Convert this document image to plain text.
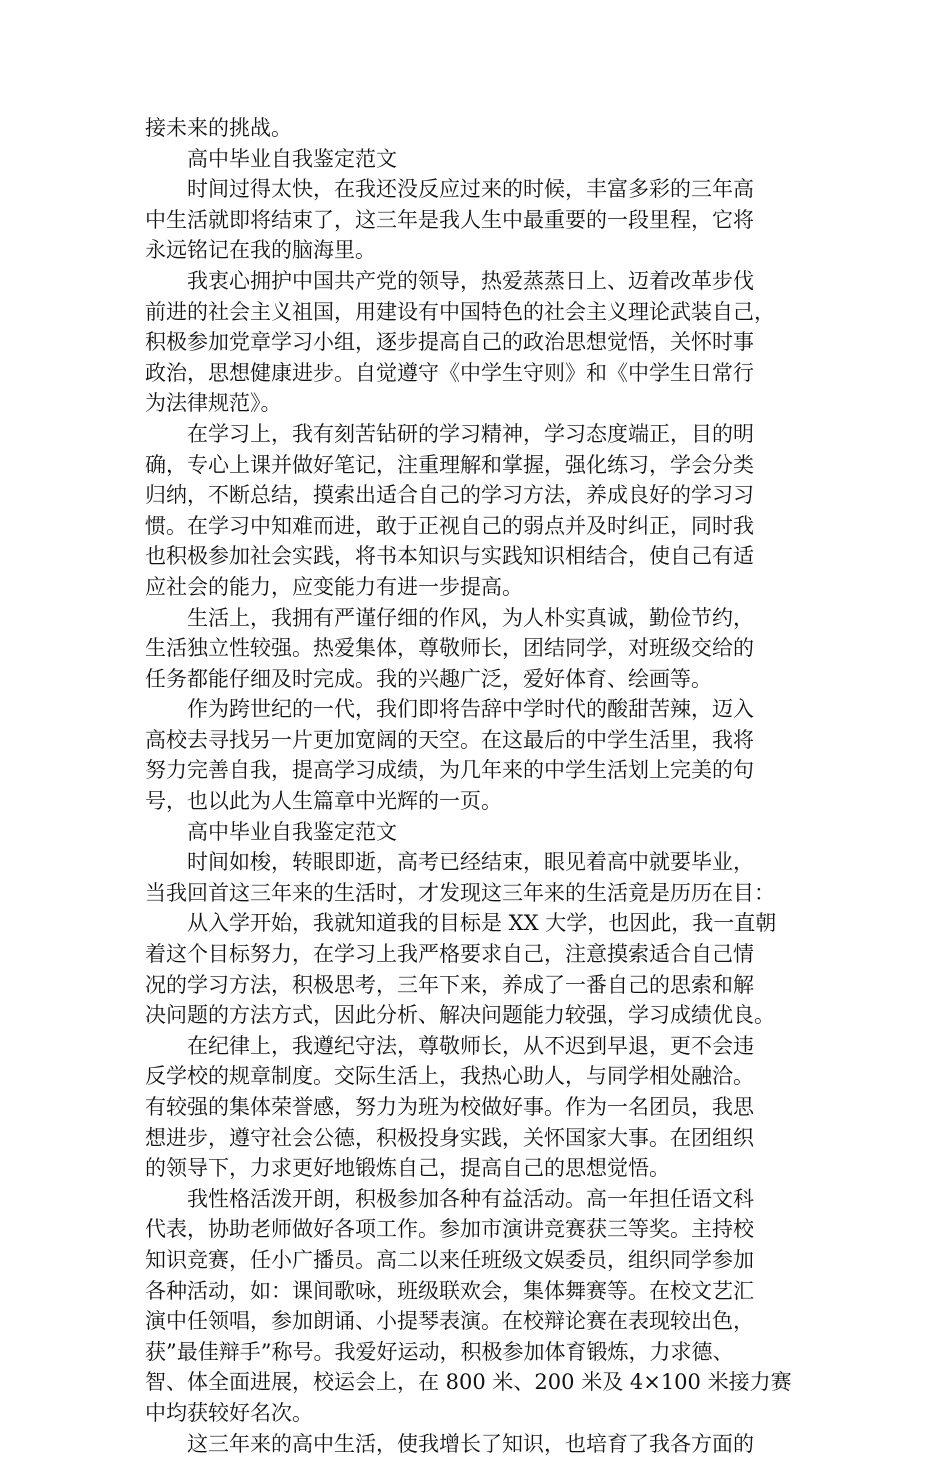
接未来的挑战。
高中毕业自我鉴定范文
时间过得太快，在我还没反应过来的时候，丰富多彩的三年高
中生活就即将结束了，这三年是我人生中最重要的一段里程，它将
永远铭记在我的脑海里。
我衷心拥护中国共产党的领导，热爱蒸蒸日上、迈着改革步伐
前进的社会主义祖国，用建设有中国特色的社会主义理论武装自己，
积极参加党章学习小组，逐步提高自己的政治思想觉悟，关怀时事
政治，思想健康进步。自觉遵守《中学生守则》和《中学生日常行
为法律规范》。
在学习上，我有刻苦钻研的学习精神，学习态度端正，目的明
确，专心上课并做好笔记，注重理解和掌握，强化练习，学会分类
归纳，不断总结，摸索出适合自己的学习方法，养成良好的学习习
惯。在学习中知难而进，敢于正视自己的弱点并及时纠正，同时我
也积极参加社会实践，将书本知识与实践知识相结合，使自己有适
应社会的能力，应变能力有进一步提高。
生活上，我拥有严谨仔细的作风，为人朴实真诚，勤俭节约，
生活独立性较强。热爱集体，尊敬师长，团结同学，对班级交给的
任务都能仔细及时完成。我的兴趣广泛，爱好体育、绘画等。
作为跨世纪的一代，我们即将告辞中学时代的酸甜苦辣，迈入
高校去寻找另一片更加宽阔的天空。在这最后的中学生活里，我将
努力完善自我，提高学习成绩，为几年来的中学生活划上完美的句
号，也以此为人生篇章中光辉的一页。
高中毕业自我鉴定范文
时间如梭，转眼即逝，高考已经结束，眼见着高中就要毕业，
当我回首这三年来的生活时，才发现这三年来的生活竟是历历在目：
从入学开始，我就知道我的目标是 XX 大学，也因此，我一直朝
着这个目标努力，在学习上我严格要求自己，注意摸索适合自己情
况的学习方法，积极思考，三年下来，养成了一番自己的思索和解
决问题的方法方式，因此分析、解决问题能力较强，学习成绩优良。
在纪律上，我遵纪守法，尊敬师长，从不迟到早退，更不会违
反学校的规章制度。交际生活上，我热心助人，与同学相处融洽。
有较强的集体荣誉感，努力为班为校做好事。作为一名团员，我思
想进步，遵守社会公德，积极投身实践，关怀国家大事。在团组织
的领导下，力求更好地锻炼自己，提高自己的思想觉悟。
我性格活泼开朗，积极参加各种有益活动。高一年担任语文科
代表，协助老师做好各项工作。参加市演讲竞赛获三等奖。主持校
知识竞赛，任小广播员。高二以来任班级文娱委员，组织同学参加
各种活动，如：课间歌咏，班级联欢会，集体舞赛等。在校文艺汇
演中任领唱，参加朗诵、小提琴表演。在校辩论赛在表现较出色，
获”最佳辩手”称号。我爱好运动，积极参加体育锻炼，力求德、
智、体全面进展，校运会上，在 800 米、200 米及 4×100 米接力赛
中均获较好名次。
这三年来的高中生活，使我增长了知识，也培育了我各方面的
